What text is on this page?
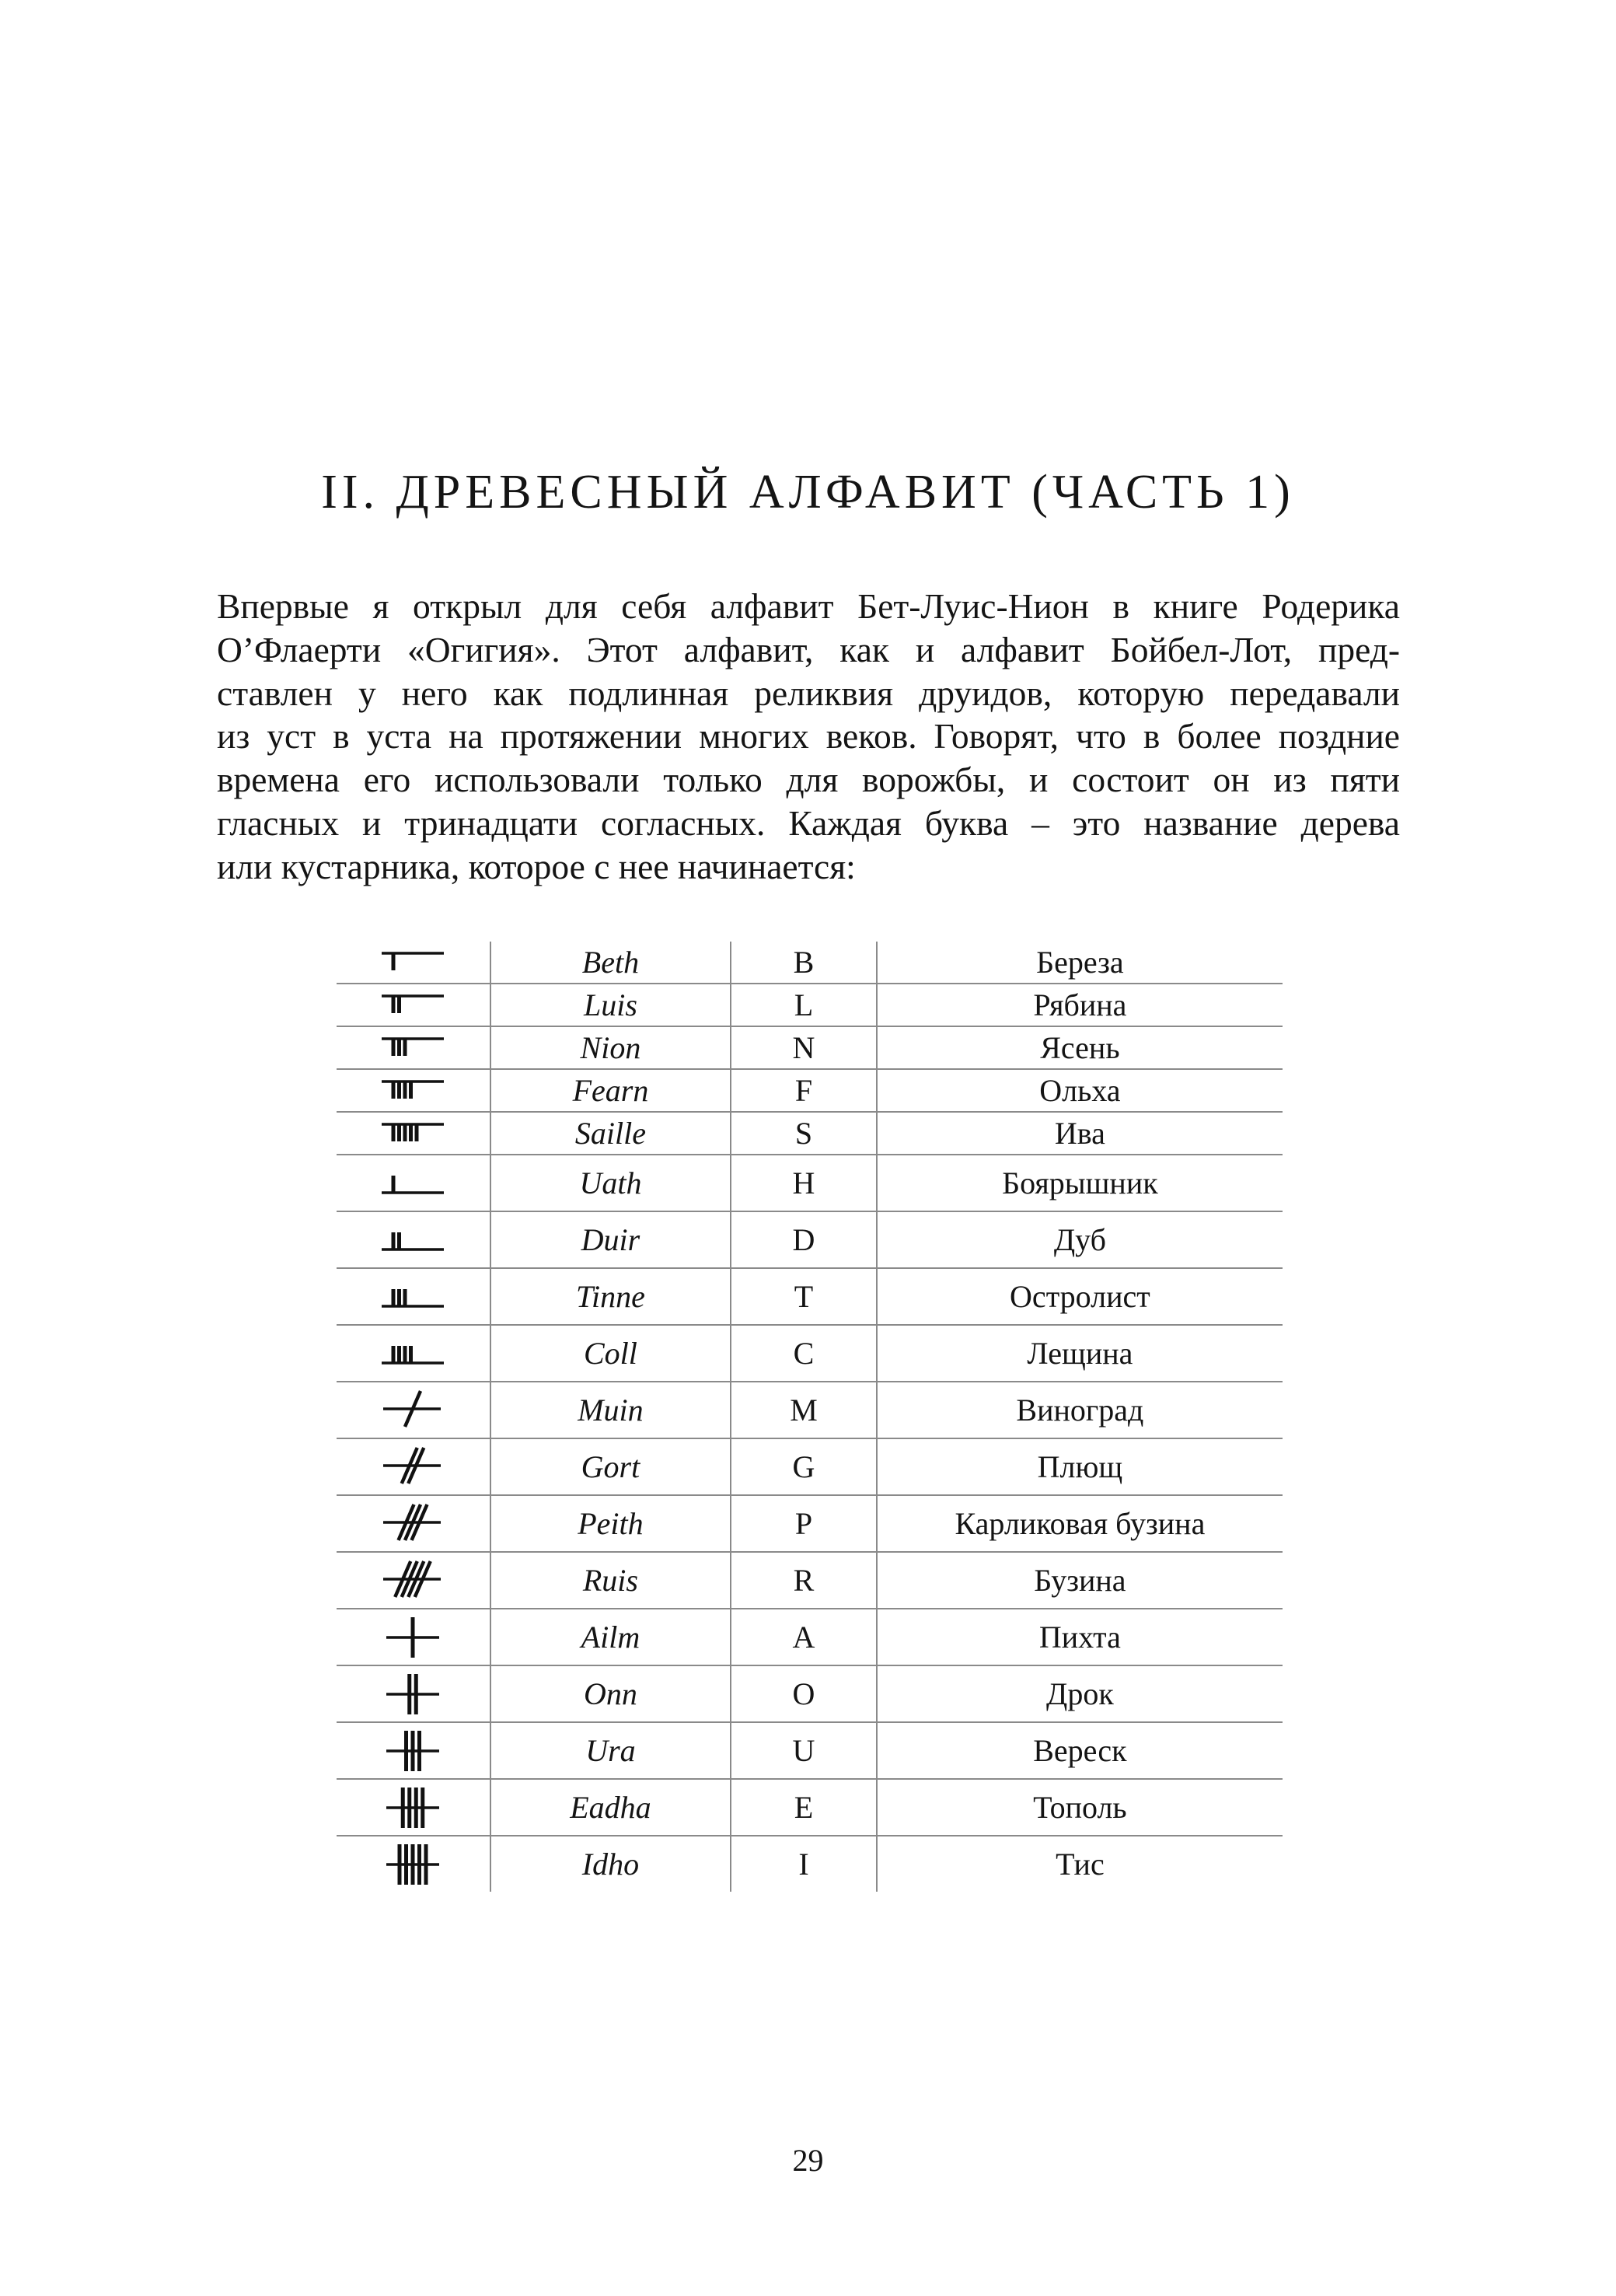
II. ДРЕВЕСНЫЙ АЛФАВИТ (ЧАСТЬ 1)
Впервые я открыл для себя алфавит Бет-Луис-Нион в книге Родерика
О’Флаерти «Огигия». Этот алфавит, как и алфавит Бойбел-Лот, пред-
ставлен у него как подлинная реликвия друидов, которую передавали
из уст в уста на протяжении многих веков. Говорят, что в более поздние
времена его использовали только для ворожбы, и состоит он из пяти
гласных и тринадцати согласных. Каждая буква – это название дерева
или кустарника, которое с нее начинается:
	Beth	B	Береза

	Luis	L	Рябина

	Nion	N	Ясень

	Fearn	F	Ольха

	Saille	S	Ива

	Uath	H	Боярышник

	Duir	D	Дуб

	Tinne	T	Остролист

	Coll	C	Лещина

	Muin	M	Виноград

	Gort	G	Плющ

	Peith	P	Карликовая бузина

	Ruis	R	Бузина

	Ailm	A	Пихта

	Onn	O	Дрок

	Ura	U	Вереск

	Eadha	E	Тополь

	Idho	I	Тис
29
